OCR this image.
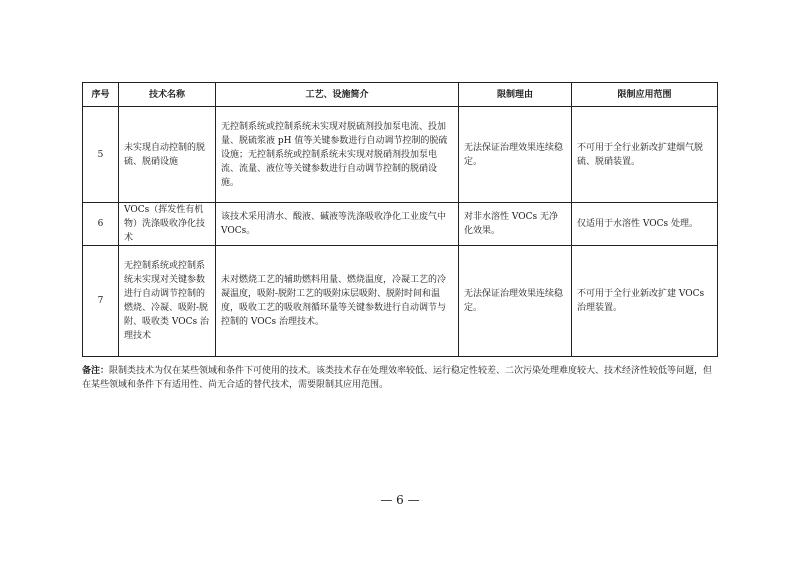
序号	技术名称	工艺、设施简介	限制理由	限制应用范围
5	未实现自动控制的脱硫、脱硝设施	无控制系统或控制系统未实现对脱硫剂投加泵电流、投加量、脱硫浆液 pH 值等关键参数进行自动调节控制的脱硫设施；无控制系统或控制系统未实现对脱硝剂投加泵电流、流量、液位等关键参数进行自动调节控制的脱硝设施。	无法保证治理效果连续稳定。	不可用于全行业新改扩建烟气脱硫、脱硝装置。
6	VOCs（挥发性有机物）洗涤吸收净化技术	该技术采用清水、酸液、碱液等洗涤吸收净化工业废气中 VOCs。	对非水溶性 VOCs 无净化效果。	仅适用于水溶性 VOCs 处理。
7	无控制系统或控制系统未实现对关键参数进行自动调节控制的燃烧、冷凝、吸附-脱附、吸收类 VOCs 治理技术	未对燃烧工艺的辅助燃料用量、燃烧温度，冷凝工艺的冷凝温度，吸附-脱附工艺的吸附床层吸附、脱附时间和温度，吸收工艺的吸收剂循环量等关键参数进行自动调节与控制的 VOCs 治理技术。	无法保证治理效果连续稳定。	不可用于全行业新改扩建 VOCs 治理装置。
备注：限制类技术为仅在某些领域和条件下可使用的技术。该类技术存在处理效率较低、运行稳定性较差、二次污染处理难度较大、技术经济性较低等问题，但在某些领域和条件下有适用性、尚无合适的替代技术，需要限制其应用范围。
— 6 —
